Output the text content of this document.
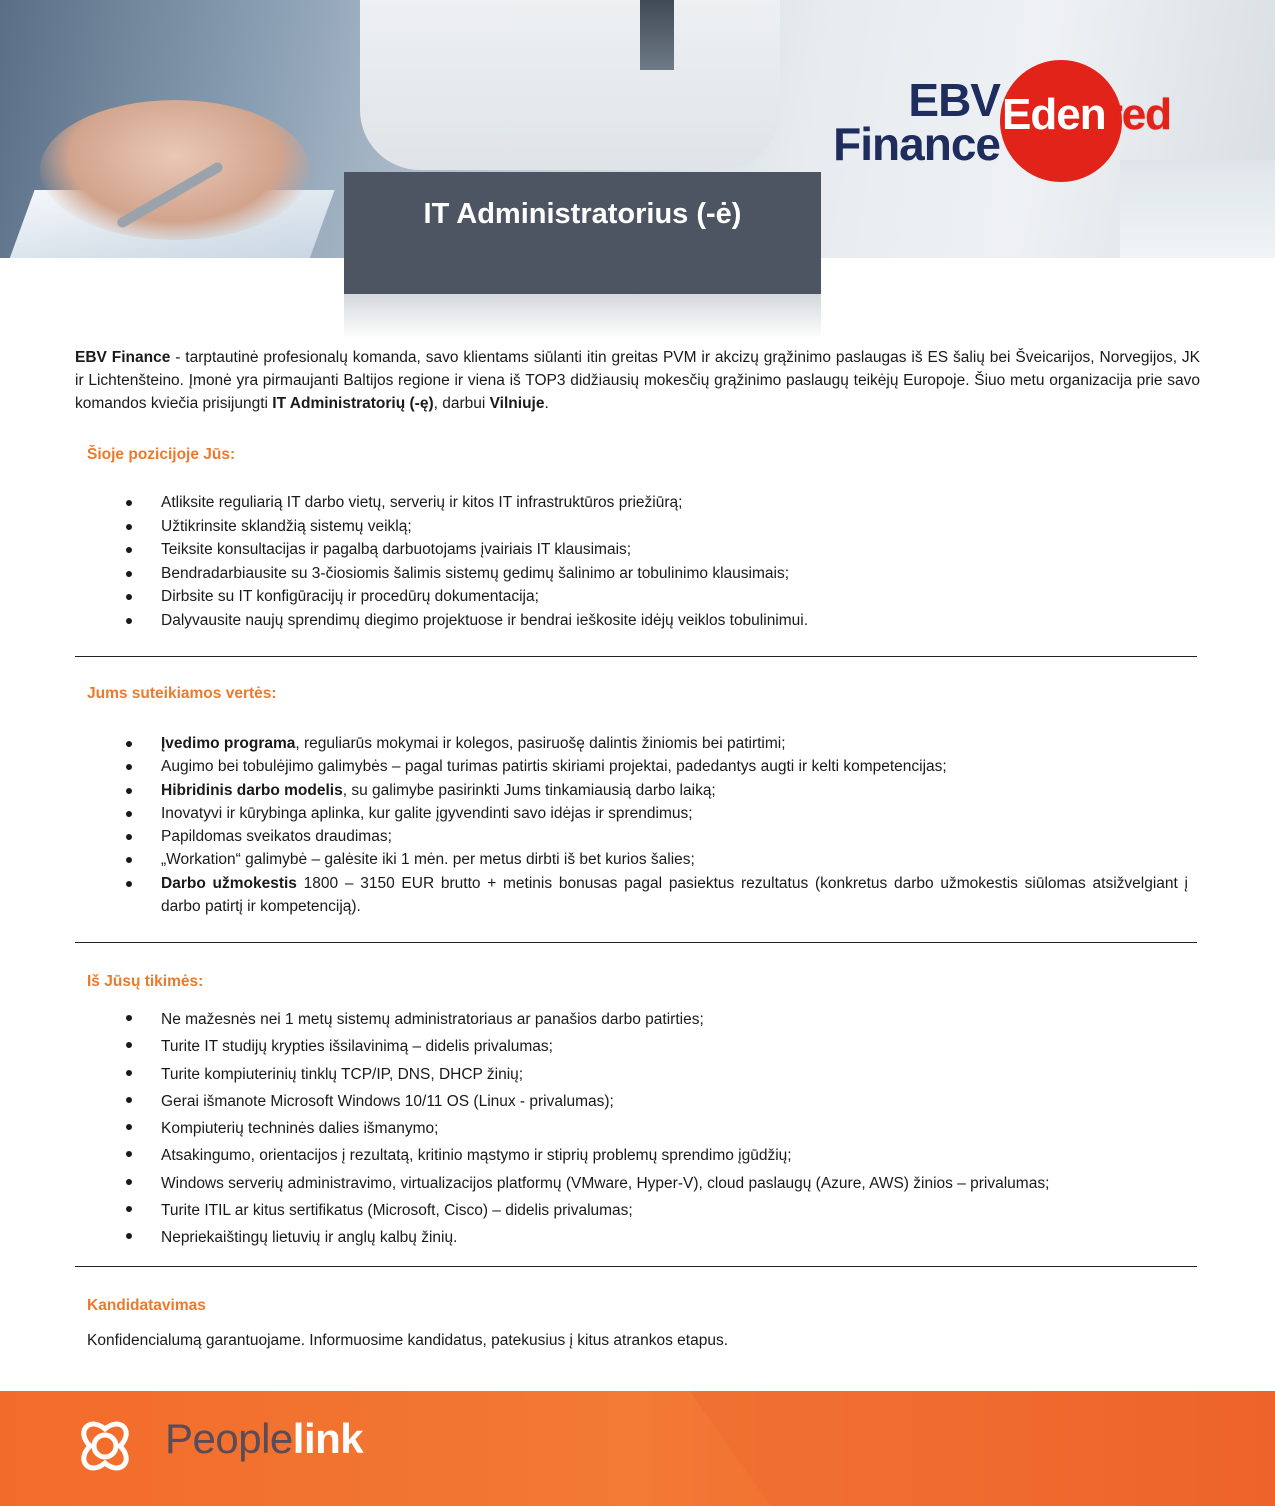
EBV
Finance
Edenred
IT Administratorius (-ė)

EBV Finance - tarptautinė profesionalų komanda, savo klientams siūlanti itin greitas PVM ir akcizų grąžinimo paslaugas iš ES šalių bei Šveicarijos, Norvegijos, JK ir Lichtenšteino. Įmonė yra pirmaujanti Baltijos regione ir viena iš TOP3 didžiausių mokesčių grąžinimo paslaugų teikėjų Europoje. Šiuo metu organizacija prie savo komandos kviečia prisijungti IT Administratorių (-ę), darbui Vilniuje.

Šioje pozicijoje Jūs:

Atliksite reguliarią IT darbo vietų, serverių ir kitos IT infrastruktūros priežiūrą;
Užtikrinsite sklandžią sistemų veiklą;
Teiksite konsultacijas ir pagalbą darbuotojams įvairiais IT klausimais;
Bendradarbiausite su 3-čiosiomis šalimis sistemų gedimų šalinimo ar tobulinimo klausimais;
Dirbsite su IT konfigūracijų ir procedūrų dokumentacija;
Dalyvausite naujų sprendimų diegimo projektuose ir bendrai ieškosite idėjų veiklos tobulinimui.

Jums suteikiamos vertės:

Įvedimo programa, reguliarūs mokymai ir kolegos, pasiruošę dalintis žiniomis bei patirtimi;
Augimo bei tobulėjimo galimybės – pagal turimas patirtis skiriami projektai, padedantys augti ir kelti kompetencijas;
Hibridinis darbo modelis, su galimybe pasirinkti Jums tinkamiausią darbo laiką;
Inovatyvi ir kūrybinga aplinka, kur galite įgyvendinti savo idėjas ir sprendimus;
Papildomas sveikatos draudimas;
„Workation“ galimybė – galėsite iki 1 mėn. per metus dirbti iš bet kurios šalies;
Darbo užmokestis 1800 – 3150 EUR brutto + metinis bonusas pagal pasiektus rezultatus (konkretus darbo užmokestis siūlomas atsižvelgiant į darbo patirtį ir kompetenciją).

Iš Jūsų tikimės:

Ne mažesnės nei 1 metų sistemų administratoriaus ar panašios darbo patirties;
Turite IT studijų krypties išsilavinimą – didelis privalumas;
Turite kompiuterinių tinklų TCP/IP, DNS, DHCP žinių;
Gerai išmanote Microsoft Windows 10/11 OS (Linux - privalumas);
Kompiuterių techninės dalies išmanymo;
Atsakingumo, orientacijos į rezultatą, kritinio mąstymo ir stiprių problemų sprendimo įgūdžių;
Windows serverių administravimo, virtualizacijos platformų (VMware, Hyper-V), cloud paslaugų (Azure, AWS) žinios – privalumas;
Turite ITIL ar kitus sertifikatus (Microsoft, Cisco) – didelis privalumas;
Nepriekaištingų lietuvių ir anglų kalbų žinių.

Kandidatavimas

Konfidencialumą garantuojame. Informuosime kandidatus, patekusius į kitus atrankos etapus.

Peoplelink
